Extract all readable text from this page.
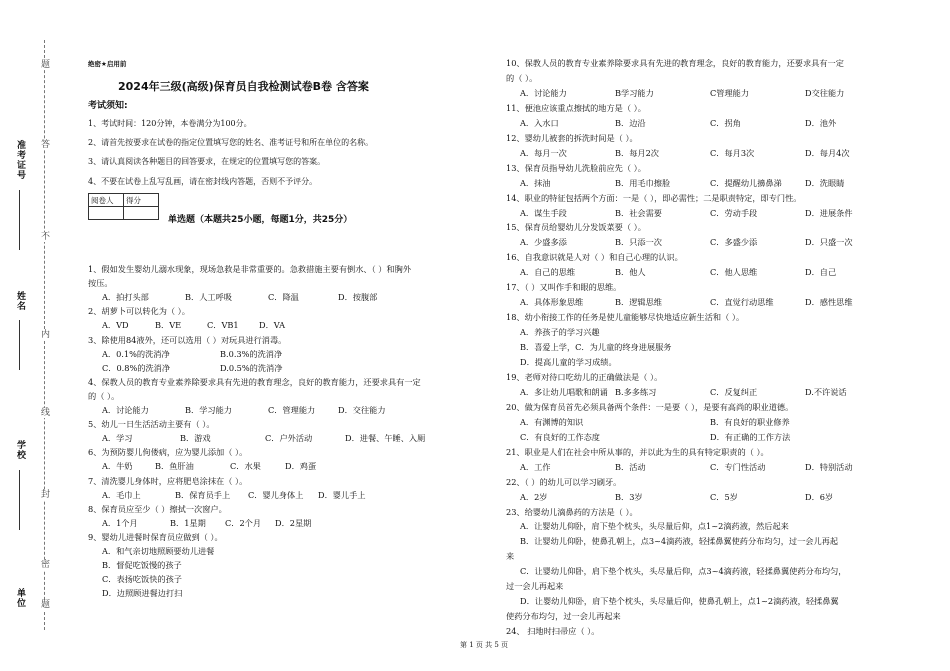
准考证号
姓名
学校
单位
题
答
不
内
线
封
密
题
绝密★启用前
2024年三级(高级)保育员自我检测试卷B卷 含答案
考试须知:
1、考试时间：120分钟，本卷满分为100分。
2、请首先按要求在试卷的指定位置填写您的姓名、准考证号和所在单位的名称。
3、请认真阅读各种题目的回答要求，在规定的位置填写您的答案。
4、不要在试卷上乱写乱画，请在密封线内答题，否则不予评分。
阅卷人	得分

单选题（本题共25小题，每题1分，共25分）
1、假如发生婴幼儿溺水现象，现场急救是非常重要的。急救措施主要有倒水、（ ）和胸外
按压。
A．拍打头部	B．人工呼吸	C．降温	D．按腹部
2、胡萝卜可以转化为（ ）。
A．VD	B．VE	C．VB1 D．VA
3、除使用84液外，还可以选用（ ）对玩具进行消毒。
A．0.1%的洗消净	B.0.3%的洗消净
C．0.8%的洗消净	D.0.5%的洗消净
4、保教人员的教育专业素养除要求具有先进的教育理念，良好的教育能力，还要求具有一定
的（ ）。
A．讨论能力	B．学习能力	C．管理能力	D．交往能力
5、幼儿一日生活活动主要有（ ）。
A．学习	B．游戏	C．户外活动	D．进餐、午睡、入厕
6、为预防婴儿佝偻病，应为婴儿添加（ ）。
A．牛奶	B．鱼肝油	C．水果	D．鸡蛋
7、清洗婴儿身体时，应将肥皂涂抹在（ ）。
A．毛巾上	B．保育员手上 C．婴儿身体上 D．婴儿手上
8、保育员应至少（ ）擦拭一次窗户。
A．1个月	B．1星期 C．2个月 D．2星期
9、婴幼儿进餐时保育员应做到（ ）。
A．和气亲切地照顾要幼儿进餐
B．督促吃饭慢的孩子
C．表扬吃饭快的孩子
D．边照顾进餐边打扫
10、保教人员的教育专业素养除要求具有先进的教育理念，良好的教育能力，还要求具有一定
的（ ）。
A．讨论能力	B学习能力	C管理能力	D交往能力
11、便池应该重点擦拭的地方是（ ）。
A．入水口	B．边沿	C．拐角	D．池外
12、婴幼儿被套的拆洗时间是（ ）。
A．每月一次	B．每月2次	C．每月3次	D．每月4次
13、保育员指导幼儿洗脸前应先（ ）。
A．抹油	B．用毛巾擦脸	C．提醒幼儿擤鼻涕	D．洗眼睛
14、职业的特征包括两个方面：一是（ ），即必需性；二是职责特定，即专门性。
A．谋生手段	B．社会需要	C．劳动手段	D．进展条件
15、保育员给婴幼儿分发饭菜要（ ）。
A．少盛多添	B．只添一次	C．多盛少添	D．只盛一次
16、自我意识就是人对（ ）和自己心理的认识。
A．自己的思维	B．他人	C．他人思维	D．自己
17、（ ）又叫作手和眼的思维。
A．具体形象思维	B．逻辑思维	C．直觉行动思维	D．感性思维
18、幼小衔接工作的任务是使儿童能够尽快地适应新生活和（ ）。
A．养孩子的学习兴趣
B．喜爱上学，C．为儿童的终身进展服务
D．提高儿童的学习成绩。
19、老师对待口吃幼儿的正确做法是（ ）。
A．多让幼儿唱歌和朗诵 B.多多练习	C．反复纠正	D.不许说话
20、做为保育员首先必须具备两个条件：一是要（ ），是要有高尚的职业道德。
A．有渊博的知识	B．有良好的职业修养
C．有良好的工作态度	D．有正确的工作方法
21、职业是人们在社会中所从事的，并以此为生的具有特定职责的（ ）。
A．工作	B．活动	C．专门性活动	D．特别活动
22、（ ）的幼儿可以学习刷牙。
A．2岁	B．3岁	C．5岁	D．6岁
23、给婴幼儿滴鼻药的方法是（ ）。
A．让婴幼儿仰卧，肩下垫个枕头，头尽量后仰，点1~2滴药液，然后起来
B．让婴幼儿仰卧，使鼻孔朝上，点3~4滴药液，轻揉鼻翼使药分布均匀，过一会儿再起
来
C．让婴幼儿仰卧，肩下垫个枕头，头尽量后仰，点3~4滴药液，轻揉鼻翼使药分布均匀，
过一会儿再起来
D．让婴幼儿仰卧，肩下垫个枕头，头尽量后仰，使鼻孔朝上，点1~2滴药液，轻揉鼻翼
使药分布均匀，过一会儿再起来
24、 扫地时扫帚应（ ）。
第 1 页 共 5 页
